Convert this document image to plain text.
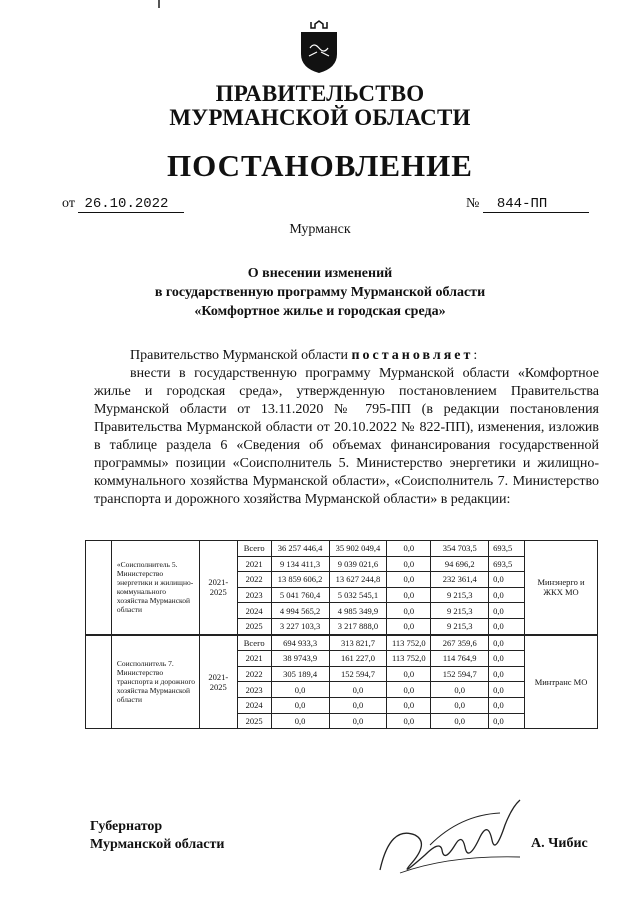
ПРАВИТЕЛЬСТВО
МУРМАНСКОЙ ОБЛАСТИ
ПОСТАНОВЛЕНИЕ
от 26.10.2022	№ 844-ПП
Мурманск
О внесении изменений
в государственную программу Мурманской области
«Комфортное жилье и городская среда»

Правительство Мурманской области постановляет:

внести в государственную программу Мурманской области «Комфортное жилье и городская среда», утвержденную постановлением Правительства Мурманской области от 13.11.2020 № 795-ПП (в редакции постановления Правительства Мурманской области от 20.10.2022 № 822-ПП), изменения, изложив в таблице раздела 6 «Сведения об объемах финансирования государственной программы» позиции «Соисполнитель 5. Министерство энергетики и жилищно-коммунального хозяйства Мурманской области», «Соисполнитель 7. Министерство транспорта и дорожного хозяйства Мурманской области» в редакции:

	«Соисполнитель 5. Министерство энергетики и жилищно-коммунального хозяйства Мурманской области	2021-2025	Всего	36 257 446,4	35 902 049,4	0,0	354 703,5	693,5	Минэнерго и ЖКХ МО
			2021	9 134 411,3	9 039 021,6	0,0	94 696,2	693,5	
			2022	13 859 606,2	13 627 244,8	0,0	232 361,4	0,0	
			2023	5 041 760,4	5 032 545,1	0,0	9 215,3	0,0	
			2024	4 994 565,2	4 985 349,9	0,0	9 215,3	0,0	
			2025	3 227 103,3	3 217 888,0	0,0	9 215,3	0,0	
	Соисполнитель 7. Министерство транспорта и дорожного хозяйства Мурманской области	2021-2025	Всего	694 933,3	313 821,7	113 752,0	267 359,6	0,0	Минтранс МО
			2021	38 9743,9	161 227,0	113 752,0	114 764,9	0,0	
			2022	305 189,4	152 594,7	0,0	152 594,7	0,0	
			2023	0,0	0,0	0,0	0,0	0,0	
			2024	0,0	0,0	0,0	0,0	0,0	
			2025	0,0	0,0	0,0	0,0	0,0	
Губернатор
Мурманской области	А. Чибис
